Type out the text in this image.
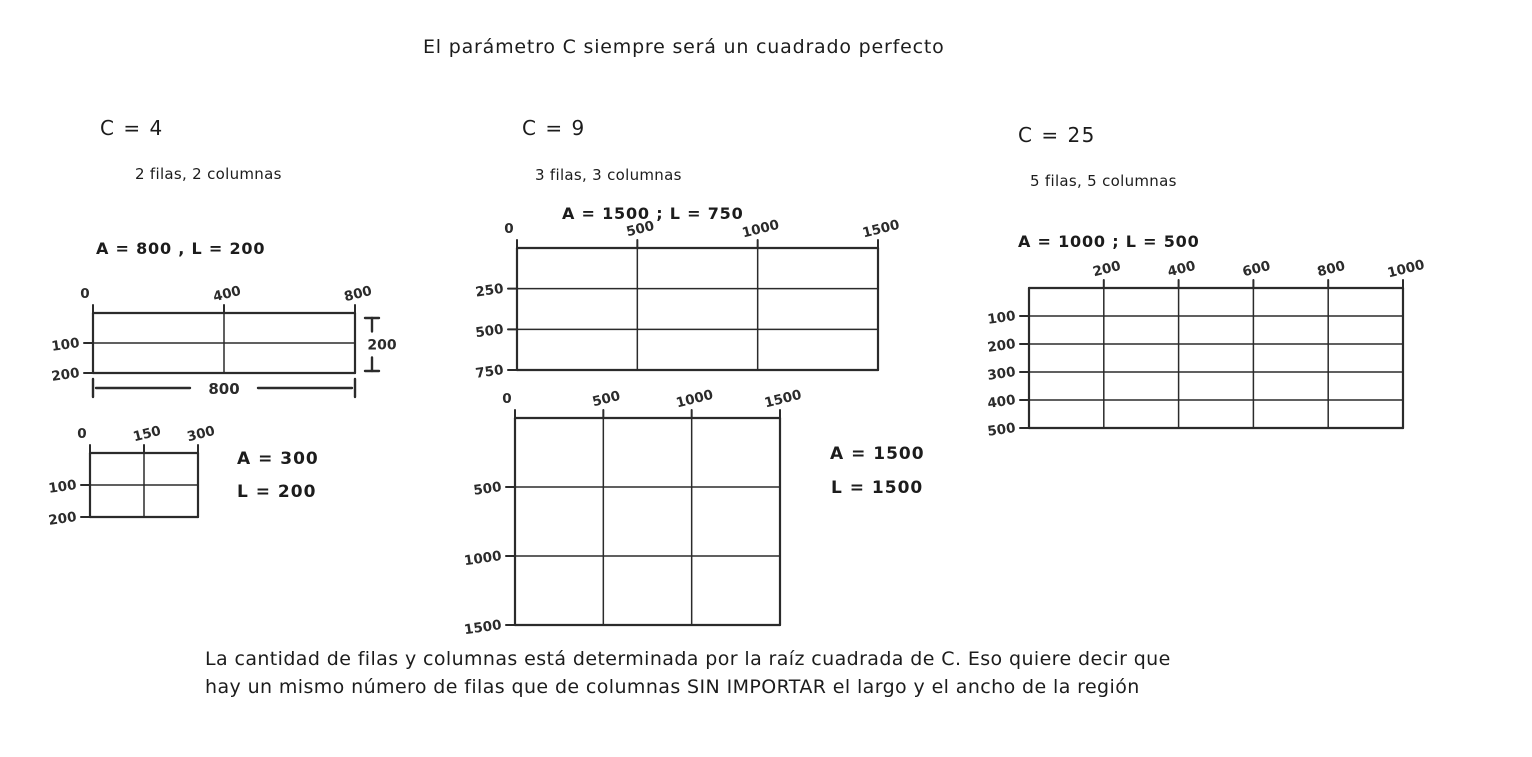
El parámetro C siempre será un cuadrado perfecto
C = 4
2 filas, 2 columnas
A = 800 , L = 200
A = 300
L = 200
C = 9
3 filas, 3 columnas
A = 1500 ; L = 750
A = 1500
L = 1500
C = 25
5 filas, 5 columnas
A = 1000 ; L = 500
0	400	800
100
200
800
200
0	150 300
100
200
0	500	1000	1500
250
500
750
0	500	1000	1500
500
1000
1500
200	400	600	800	1000
100
200
300
400
500
La cantidad de filas y columnas está determinada por la raíz cuadrada de C. Eso quiere decir que
hay un mismo número de filas que de columnas SIN IMPORTAR el largo y el ancho de la región
